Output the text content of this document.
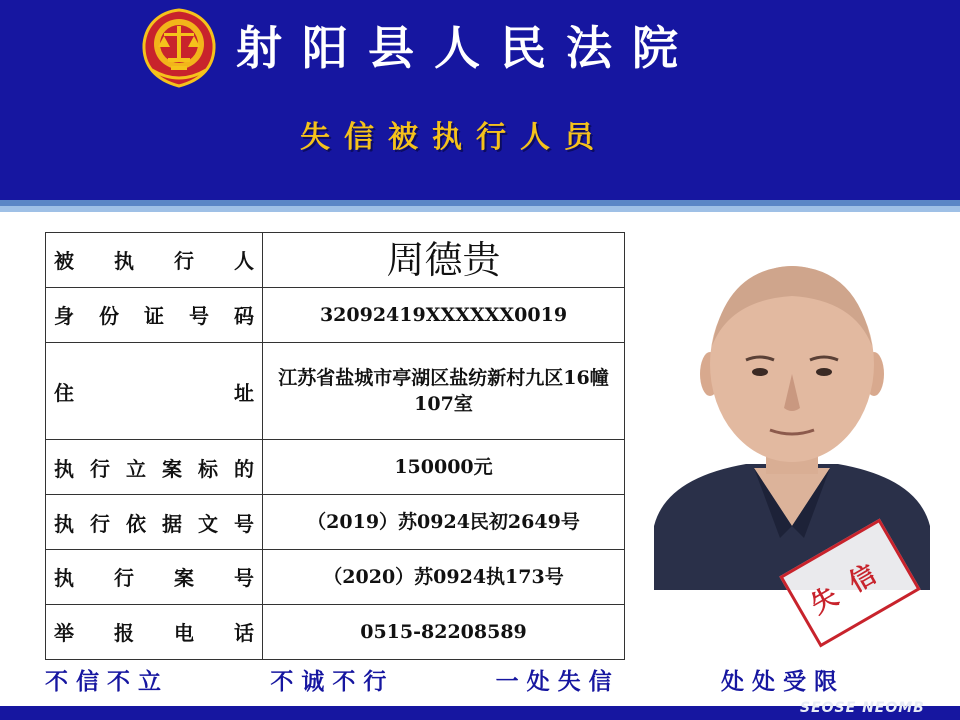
射阳县人民法院
失信被执行人员
被执行人	周德贵
身份证号码	32092419XXXXXX0019
住址	江苏省盐城市亭湖区盐纺新村九区16幢107室
执行立案标的	150000元
执行依据文号	（2019）苏0924民初2649号
执行案号	（2020）苏0924执173号
举报电话	0515-82208589
失信
不信不立	不诚不行	一处失信	处处受限
SEOSE NEOMB
